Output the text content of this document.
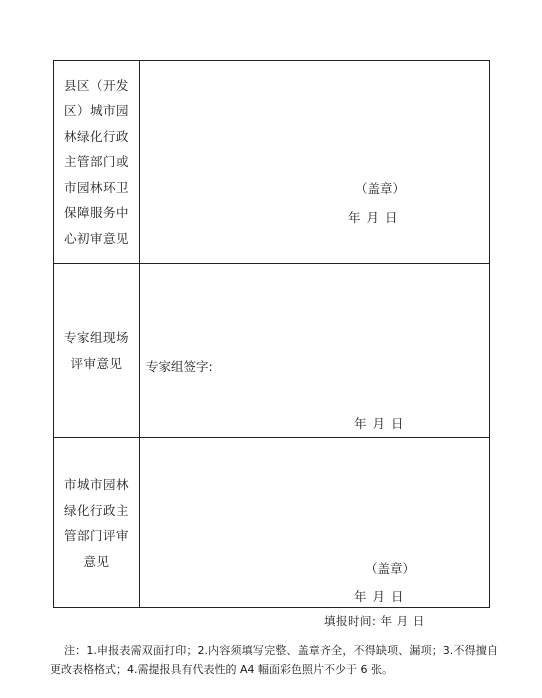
县区（开发区）城市园林绿化行政主管部门或市园林环卫保障服务中心初审意见
（盖章）
年 月 日
专家组现场评审意见	专家组签字:
年 月 日
市城市园林绿化行政主管部门评审意见	（盖章）
年 月 日
填报时间: 年 月 日
注：1.申报表需双面打印；2.内容须填写完整、盖章齐全，不得缺项、漏项；3.不得擅自更改表格格式；4.需提报具有代表性的 A4 幅面彩色照片不少于 6 张。
